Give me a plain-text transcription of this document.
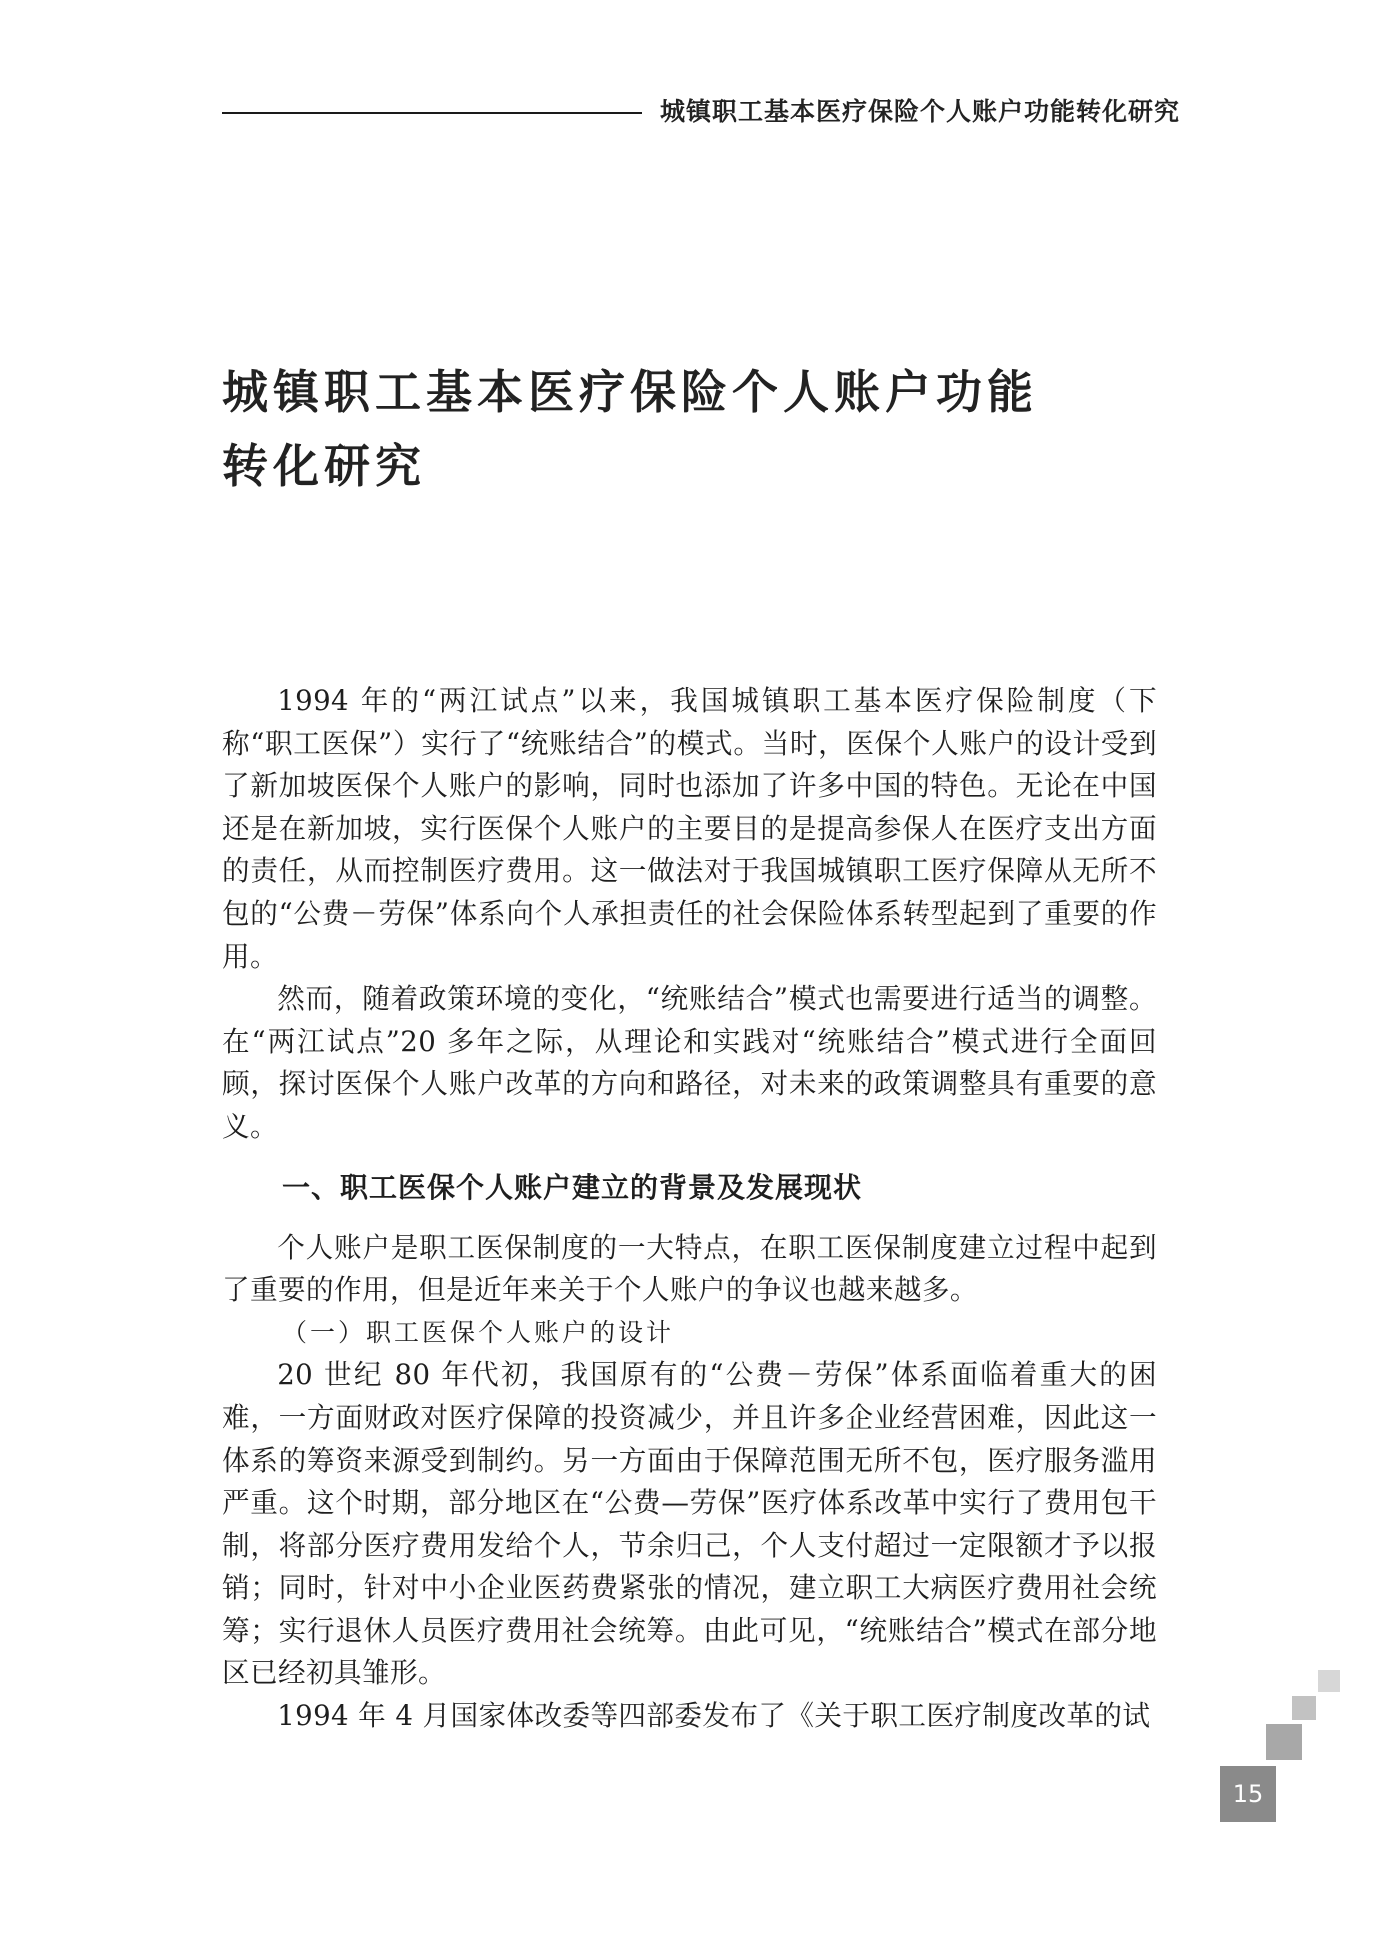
城镇职工基本医疗保险个人账户功能转化研究
城镇职工基本医疗保险个人账户功能
转化研究

1994 年的“两江试点”以来，我国城镇职工基本医疗保险制度（下称“职工医保”）实行了“统账结合”的模式。当时，医保个人账户的设计受到了新加坡医保个人账户的影响，同时也添加了许多中国的特色。无论在中国还是在新加坡，实行医保个人账户的主要目的是提高参保人在医疗支出方面的责任，从而控制医疗费用。这一做法对于我国城镇职工医疗保障从无所不包的“公费－劳保”体系向个人承担责任的社会保险体系转型起到了重要的作用。

然而，随着政策环境的变化，“统账结合”模式也需要进行适当的调整。在“两江试点”20 多年之际，从理论和实践对“统账结合”模式进行全面回顾，探讨医保个人账户改革的方向和路径，对未来的政策调整具有重要的意义。

一、职工医保个人账户建立的背景及发展现状

个人账户是职工医保制度的一大特点，在职工医保制度建立过程中起到了重要的作用，但是近年来关于个人账户的争议也越来越多。

（一）职工医保个人账户的设计

20 世纪 80 年代初，我国原有的“公费－劳保”体系面临着重大的困难，一方面财政对医疗保障的投资减少，并且许多企业经营困难，因此这一体系的筹资来源受到制约。另一方面由于保障范围无所不包，医疗服务滥用严重。这个时期，部分地区在“公费—劳保”医疗体系改革中实行了费用包干制，将部分医疗费用发给个人，节余归己，个人支付超过一定限额才予以报销；同时，针对中小企业医药费紧张的情况，建立职工大病医疗费用社会统筹；实行退休人员医疗费用社会统筹。由此可见，“统账结合”模式在部分地区已经初具雏形。

1994 年 4 月国家体改委等四部委发布了《关于职工医疗制度改革的试

15
